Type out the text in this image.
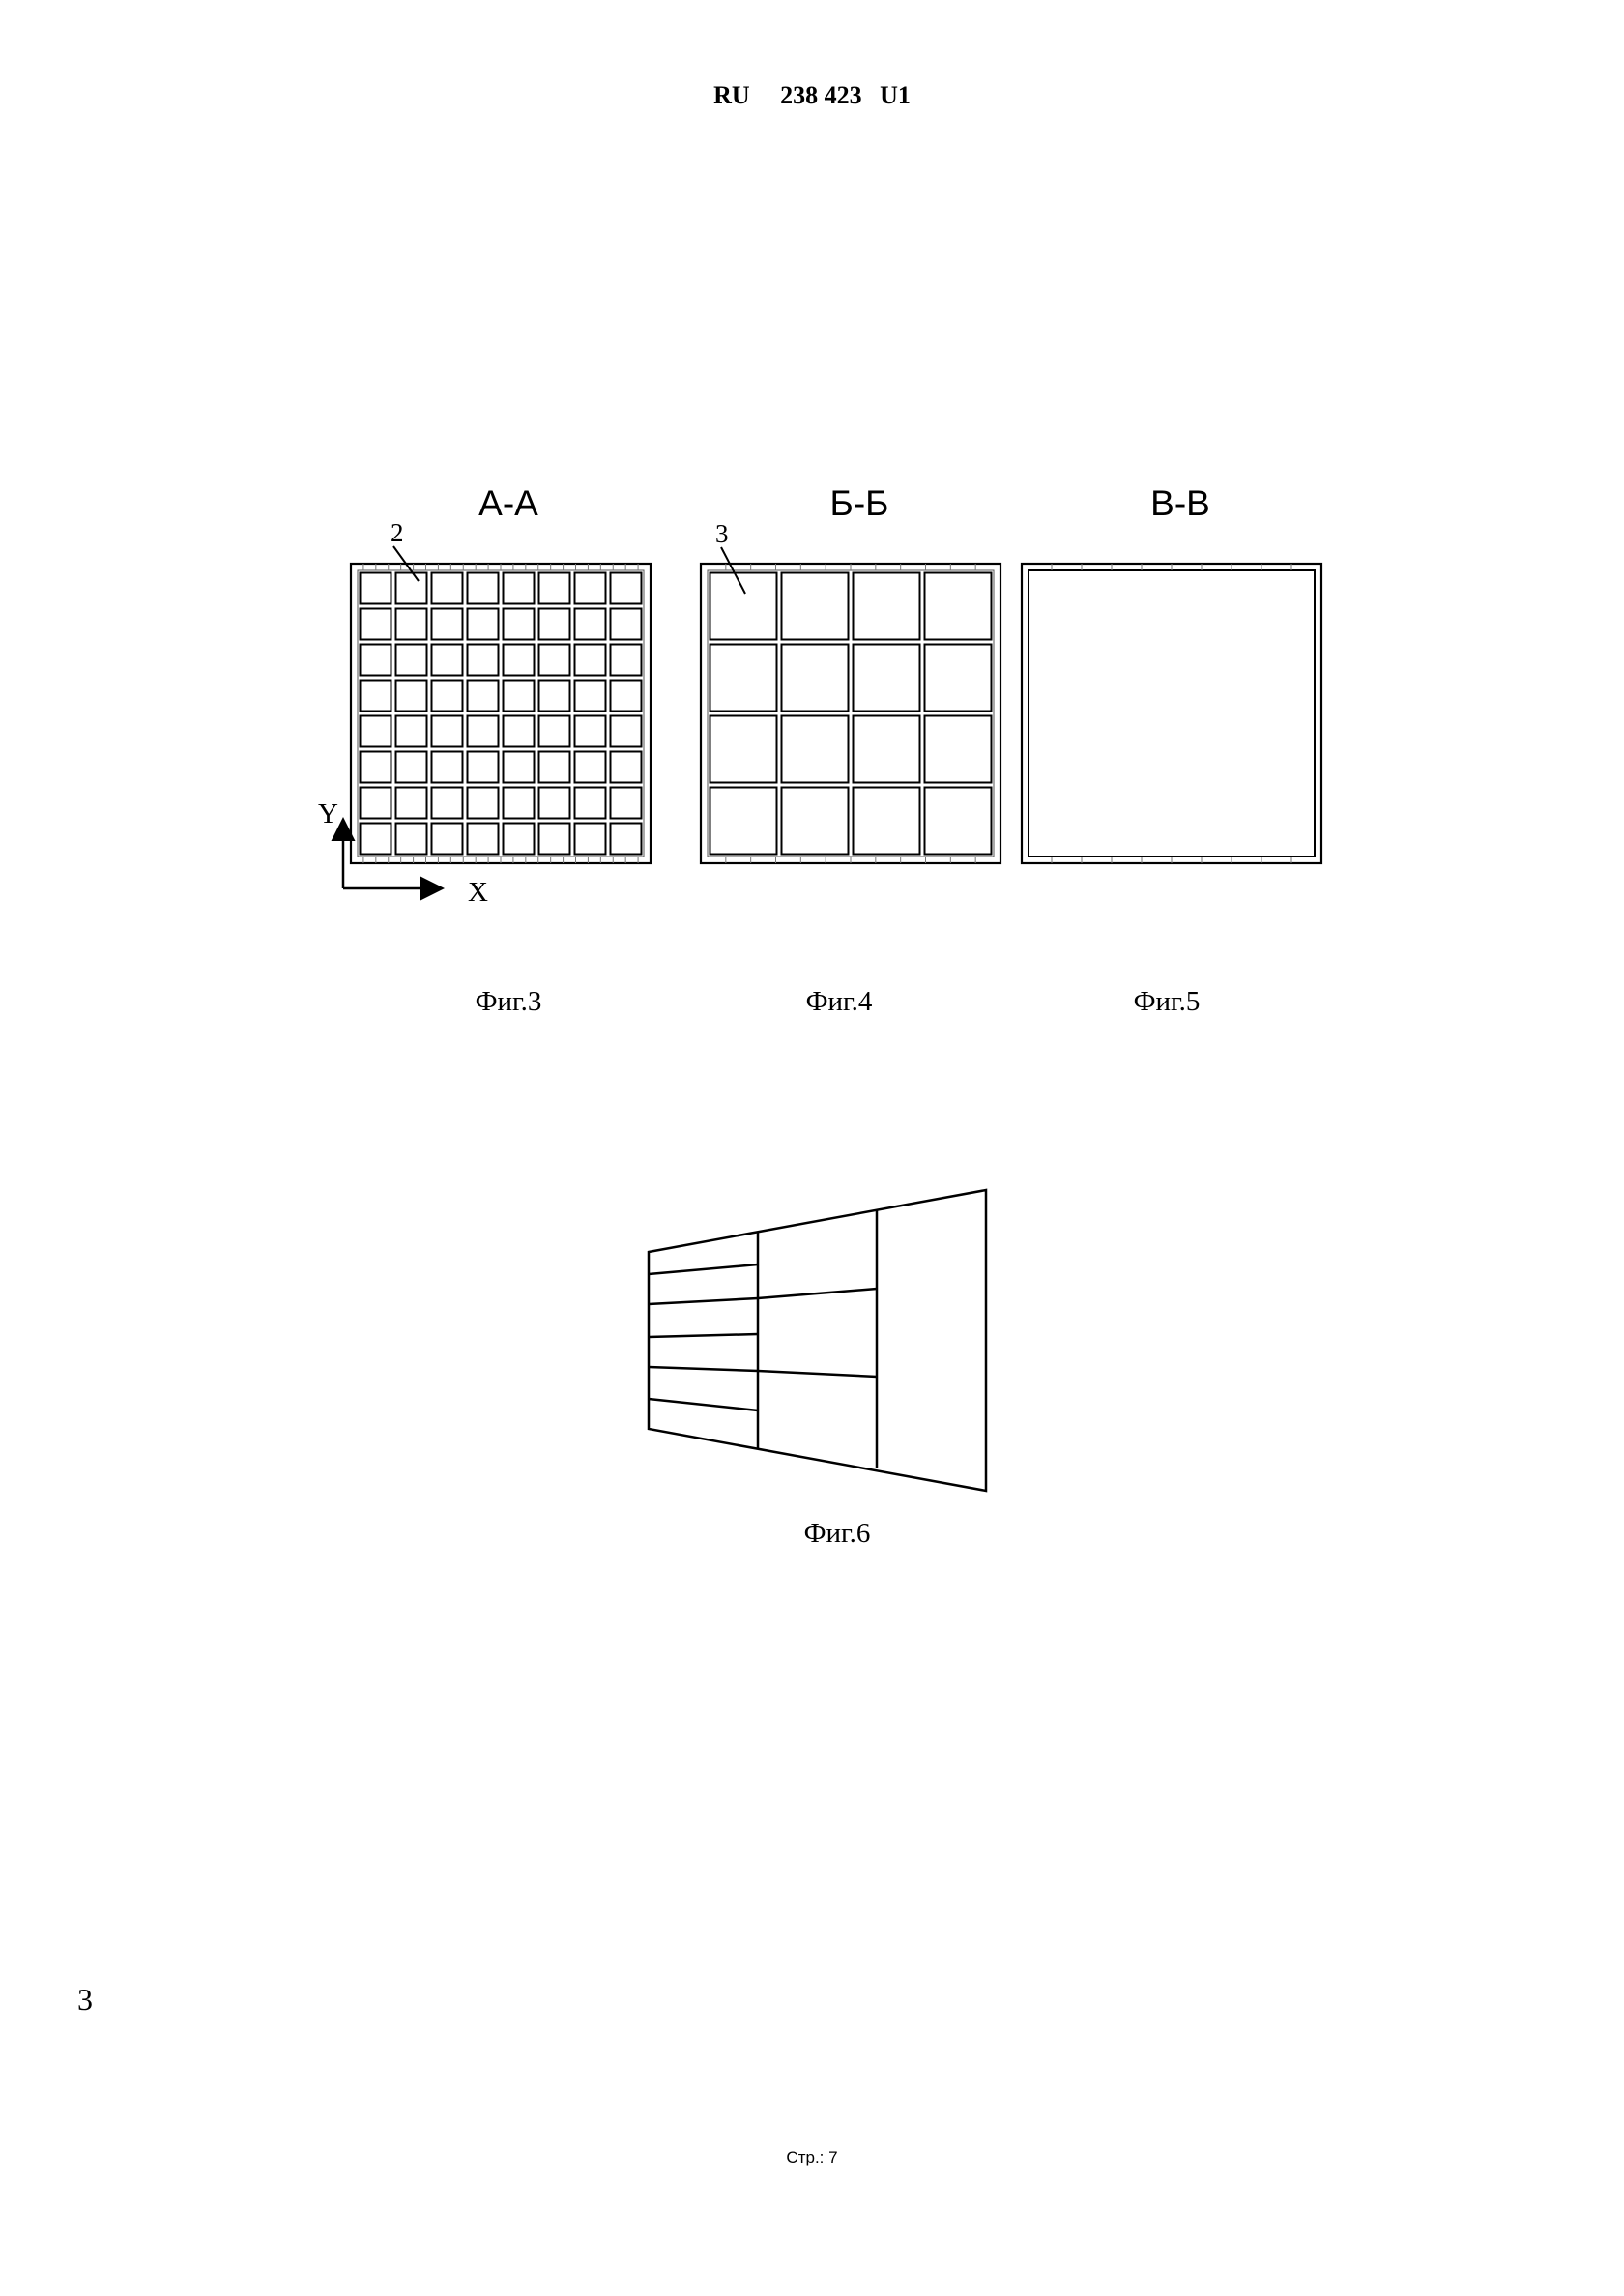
RU 238 423 U1
А-А	Б-Б	В-В
2	3
Y
X
Фиг.3	Фиг.4	Фиг.5
Фиг.6
3
Стр.: 7
